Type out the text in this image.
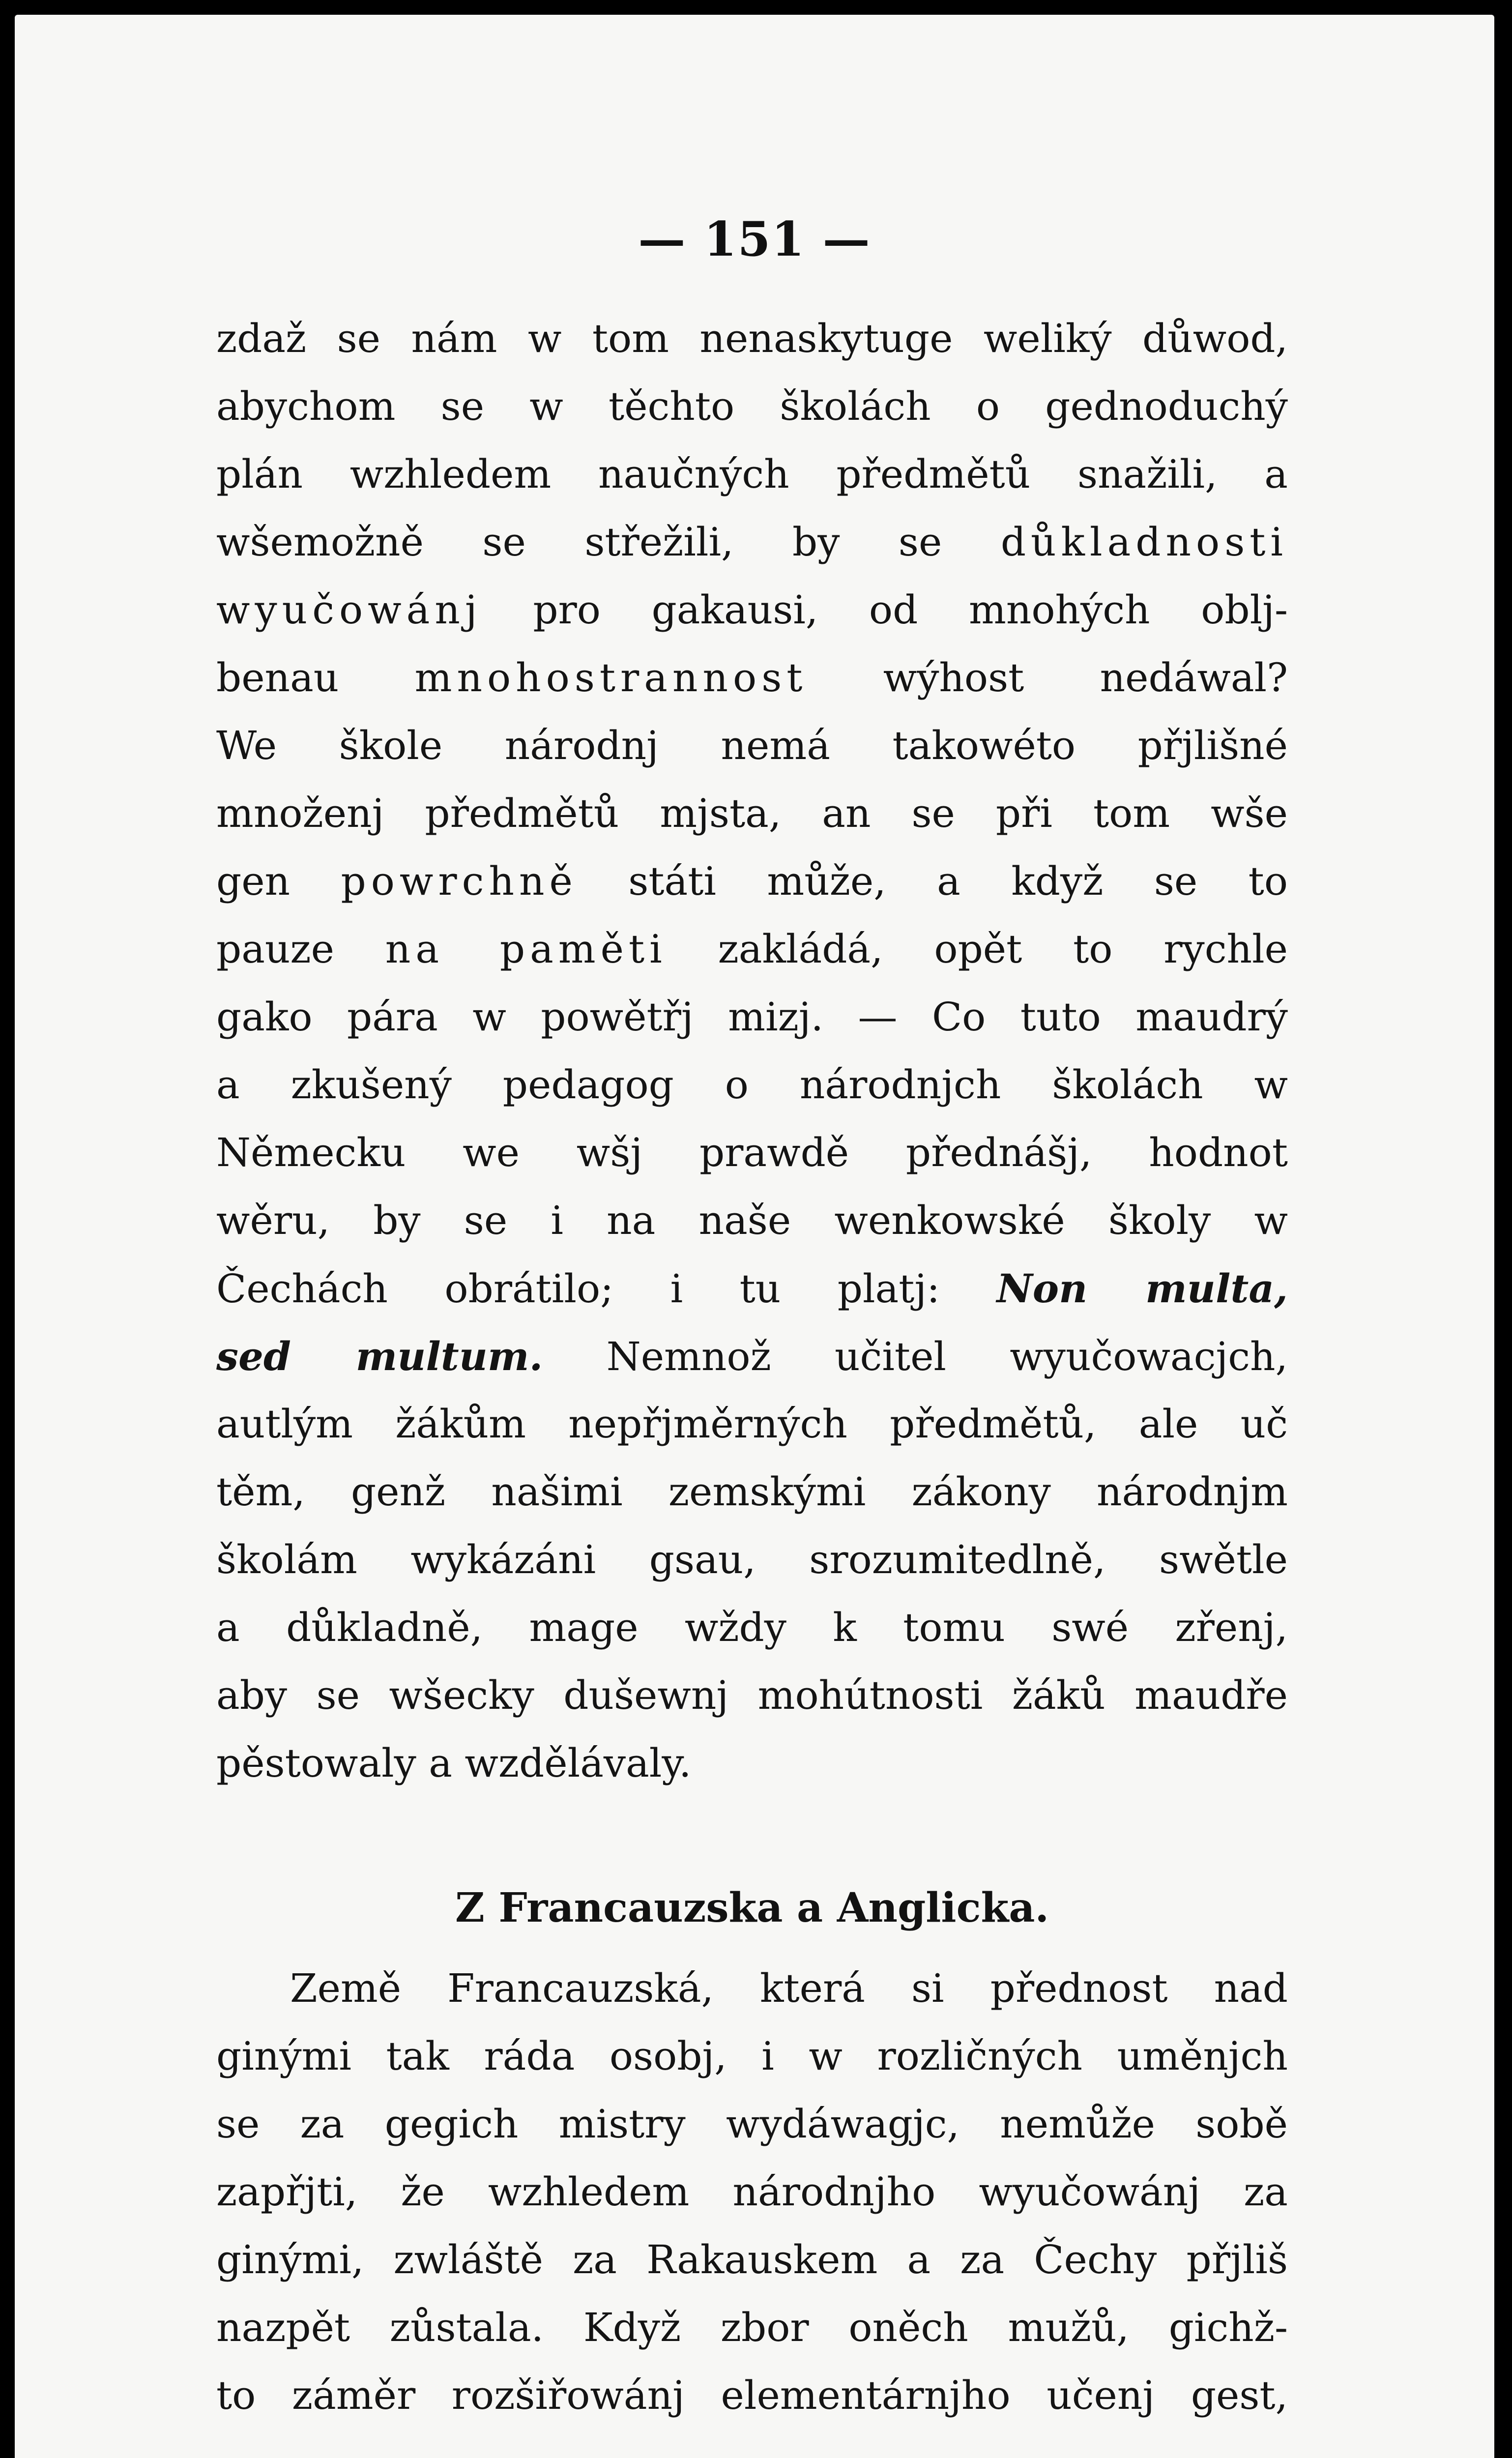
— 151 —
zdaž se nám w tom nenaskytuge weliký důwod,
abychom se w těchto školách o gednoduchý
plán wzhledem naučných předmětů snažili, a
wšemožně se střežili, by se důkladnosti
wyučowánj pro gakausi, od mnohých oblj-
benau mnohostrannost wýhost nedáwal?
We škole národnj nemá takowéto přjlišné
množenj předmětů mjsta, an se při tom wše
gen powrchně státi může, a když se to
pauze na paměti zakládá, opět to rychle
gako pára w powětřj mizj. — Co tuto maudrý
a zkušený pedagog o národnjch školách w
Německu we wšj prawdě přednášj, hodnot
wěru, by se i na naše wenkowské školy w
Čechách obrátilo; i tu platj: Non multa,
sed multum. Nemnož učitel wyučowacjch,
autlým žákům nepřjměrných předmětů, ale uč
těm, genž našimi zemskými zákony národnjm
školám wykázáni gsau, srozumitedlně, swětle
a důkladně, mage wždy k tomu swé zřenj,
aby se wšecky dušewnj mohútnosti žáků maudře
pěstowaly a wzdělávaly.
Z Francauzska a Anglicka.
Země Francauzská, která si přednost nad
ginými tak ráda osobj, i w rozličných uměnjch
se za gegich mistry wydáwagjc, nemůže sobě
zapřjti, že wzhledem národnjho wyučowánj za
ginými, zwláště za Rakauskem a za Čechy přjliš
nazpět zůstala. Když zbor oněch mužů, gichž-
to záměr rozšiřowánj elementárnjho učenj gest,
